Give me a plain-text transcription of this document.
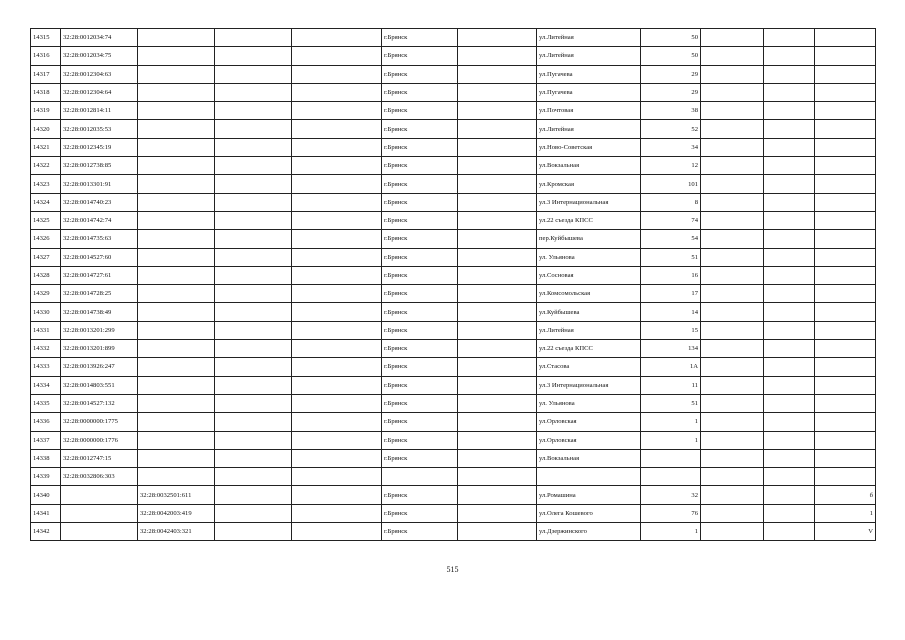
14315	32:28:0012034:74				г.Брянск		ул.Литейная	50			
14316	32:28:0012034:75				г.Брянск		ул.Литейная	50			
14317	32:28:0012304:63				г.Брянск		ул.Пугачева	29			
14318	32:28:0012304:64				г.Брянск		ул.Пугачева	29			
14319	32:28:0012814:11				г.Брянск		ул.Почтовая	38			
14320	32:28:0012035:53				г.Брянск		ул.Литейная	52			
14321	32:28:0012345:19				г.Брянск		ул.Ново-Советская	34			
14322	32:28:0012738:85				г.Брянск		ул.Вокзальная	12			
14323	32:28:0013301:91				г.Брянск		ул.Кромская	101			
14324	32:28:0014740:23				г.Брянск		ул.3 Интернациональная	8			
14325	32:28:0014742:74				г.Брянск		ул.22 съезда КПСС	74			
14326	32:28:0014735:63				г.Брянск		пер.Куйбышева	54			
14327	32:28:0014527:60				г.Брянск		ул. Ульянова	51			
14328	32:28:0014727:61				г.Брянск		ул.Сосновая	16			
14329	32:28:0014728:25				г.Брянск		ул.Комсомольская	17			
14330	32:28:0014738:49				г.Брянск		ул.Куйбышева	14			
14331	32:28:0013201:299				г.Брянск		ул.Литейная	15			
14332	32:28:0013201:899				г.Брянск		ул.22 съезда КПСС	134			
14333	32:28:0013926:247				г.Брянск		ул.Стасова	1А			
14334	32:28:0014803:551				г.Брянск		ул.3 Интернациональная	11			
14335	32:28:0014527:132				г.Брянск		ул. Ульянова	51			
14336	32:28:0000000:1775				г.Брянск		ул.Орловская	1			
14337	32:28:0000000:1776				г.Брянск		ул.Орловская	1			
14338	32:28:0012747:15				г.Брянск		ул.Вокзальная				
14339	32:28:0032806:303										
14340		32:28:0032501:611			г.Брянск		ул.Ромашина	32			б
14341		32:28:0042003:419			г.Брянск		ул.Олега Кошевого	76			1
14342		32:28:0042403:321			г.Брянск		ул.Дзержинского	1			V
515
